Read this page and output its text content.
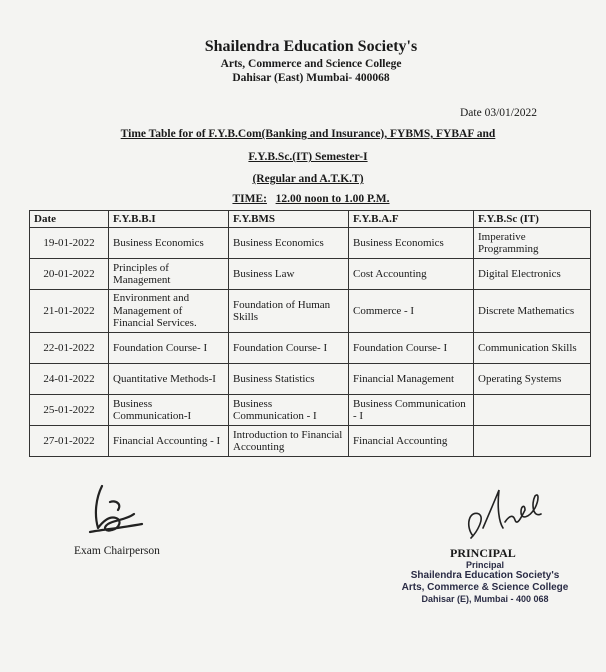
Shailendra Education Society's
Arts, Commerce and Science College
Dahisar (East) Mumbai- 400068
Date 03/01/2022
Time Table for of F.Y.B.Com(Banking and Insurance), FYBMS, FYBAF and
F.Y.B.Sc.(IT) Semester-I
(Regular and A.T.K.T)
TIME: 12.00 noon to 1.00 P.M.
Date	F.Y.B.B.I	F.Y.BMS	F.Y.B.A.F	F.Y.B.Sc (IT)
19-01-2022	Business Economics	Business Economics	Business Economics	Imperative Programming
20-01-2022	Principles of Management	Business Law	Cost Accounting	Digital Electronics
21-01-2022	Environment and Management of Financial Services.	Foundation of Human Skills	Commerce - I	Discrete Mathematics
22-01-2022	Foundation Course- I	Foundation Course- I	Foundation Course- I	Communication Skills
24-01-2022	Quantitative Methods-I	Business Statistics	Financial Management	Operating Systems
25-01-2022	Business Communication-I	Business Communication - I	Business Communication - I	
27-01-2022	Financial Accounting - I	Introduction to Financial Accounting	Financial Accounting	
Exam Chairperson	PRINCIPAL
Principal
Shailendra Education Society's
Arts, Commerce & Science College
Dahisar (E), Mumbai - 400 068
